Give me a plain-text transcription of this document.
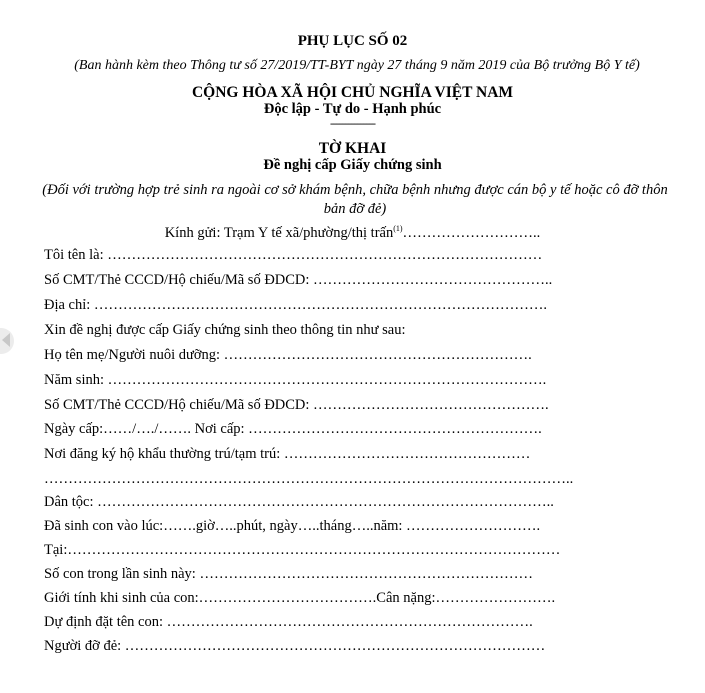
PHỤ LỤC SỐ 02
(Ban hành kèm theo Thông tư số 27/2019/TT-BYT ngày 27 tháng 9 năm 2019 của Bộ trưởng Bộ Y tế)
CỘNG HÒA XÃ HỘI CHỦ NGHĨA VIỆT NAM
Độc lập - Tự do - Hạnh phúc
---------------
TỜ KHAI
Đề nghị cấp Giấy chứng sinh
(Đối với trường hợp trẻ sinh ra ngoài cơ sở khám bệnh, chữa bệnh nhưng được cán bộ y tế hoặc cô đỡ thôn bản đỡ đẻ)
Kính gửi: Trạm Y tế xã/phường/thị trấn$^{(1)}$………………………..
Tôi tên là: ………………………………………………………………………………
Số CMT/Thẻ CCCD/Hộ chiếu/Mã số ĐDCD: …………………………………………..
Địa chỉ: ………………………………………………………………………………….
Xin đề nghị được cấp Giấy chứng sinh theo thông tin như sau:
Họ tên mẹ/Người nuôi dưỡng: ……………………………………………………….
Năm sinh: ……………………………………………………………………………….
Số CMT/Thẻ CCCD/Hộ chiếu/Mã số ĐDCD: ………………………………………….
Ngày cấp:……/…./……. Nơi cấp: …………………………………………………….
Nơi đăng ký hộ khẩu thường trú/tạm trú: ……………………………………………
………………………………………………………………………………………………..
Dân tộc: …………………………………………………………………………………..
Đã sinh con vào lúc:…….giờ…..phút, ngày…..tháng…..năm: ……………………….
Tại:…………………………………………………………………………………………
Số con trong lần sinh này: ……………………………………………………………
Giới tính khi sinh của con:……………………………….Cân nặng:…………………….
Dự định đặt tên con: ………………………………………………………………….
Người đỡ đẻ: ……………………………………………………………………………
